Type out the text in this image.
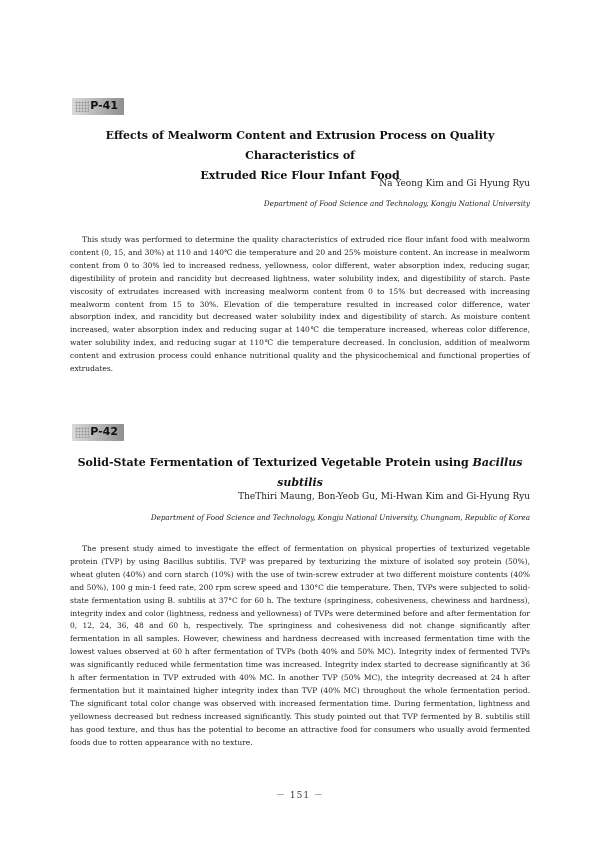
P-41
Effects of Mealworm Content and Extrusion Process on Quality Characteristics of
Extruded Rice Flour Infant Food
Na Yeong Kim and Gi Hyung Ryu
Department of Food Science and Technology, Kongju National University

This study was performed to determine the quality characteristics of extruded rice flour infant food with mealworm content (0, 15, and 30%) at 110 and 140℃ die temperature and 20 and 25% moisture content. An increase in mealworm content from 0 to 30% led to increased redness, yellowness, color different, water absorption index, reducing sugar, digestibility of protein and rancidity but decreased lightness, water solubility index, and digestibility of starch. Paste viscosity of extrudates increased with increasing mealworm content from 0 to 15% but decreased with increasing mealworm content from 15 to 30%. Elevation of die temperature resulted in increased color difference, water absorption index, and rancidity but decreased water solubility index and digestibility of starch. As moisture content increased, water absorption index and reducing sugar at 140℃ die temperature increased, whereas color difference, water solubility index, and reducing sugar at 110℃ die temperature decreased. In conclusion, addition of mealworm content and extrusion process could enhance nutritional quality and the physicochemical and functional properties of extrudates.

P-42
Solid-State Fermentation of Texturized Vegetable Protein using Bacillus subtilis
TheThiri Maung, Bon-Yeob Gu, Mi-Hwan Kim and Gi-Hyung Ryu
Department of Food Science and Technology, Kongju National University, Chungnam, Republic of Korea

The present study aimed to investigate the effect of fermentation on physical properties of texturized vegetable protein (TVP) by using Bacillus subtilis. TVP was prepared by texturizing the mixture of isolated soy protein (50%), wheat gluten (40%) and corn starch (10%) with the use of twin-screw extruder at two different moisture contents (40% and 50%), 100 g min-1 feed rate, 200 rpm screw speed and 130°C die temperature. Then, TVPs were subjected to solid-state fermentation using B. subtilis at 37°C for 60 h. The texture (springiness, cohesiveness, chewiness and hardness), integrity index and color (lightness, redness and yellowness) of TVPs were determined before and after fermentation for 0, 12, 24, 36, 48 and 60 h, respectively. The springiness and cohesiveness did not change significantly after fermentation in all samples. However, chewiness and hardness decreased with increased fermentation time with the lowest values observed at 60 h after fermentation of TVPs (both 40% and 50% MC). Integrity index of fermented TVPs was significantly reduced while fermentation time was increased. Integrity index started to decrease significantly at 36 h after fermentation in TVP extruded with 40% MC. In another TVP (50% MC), the integrity decreased at 24 h after fermentation but it maintained higher integrity index than TVP (40% MC) throughout the whole fermentation period. The significant total color change was observed with increased fermentation time. During fermentation, lightness and yellowness decreased but redness increased significantly. This study pointed out that TVP fermented by B. subtilis still has good texture, and thus has the potential to become an attractive food for consumers who usually avoid fermented foods due to rotten appearance with no texture.

－ 151 －
